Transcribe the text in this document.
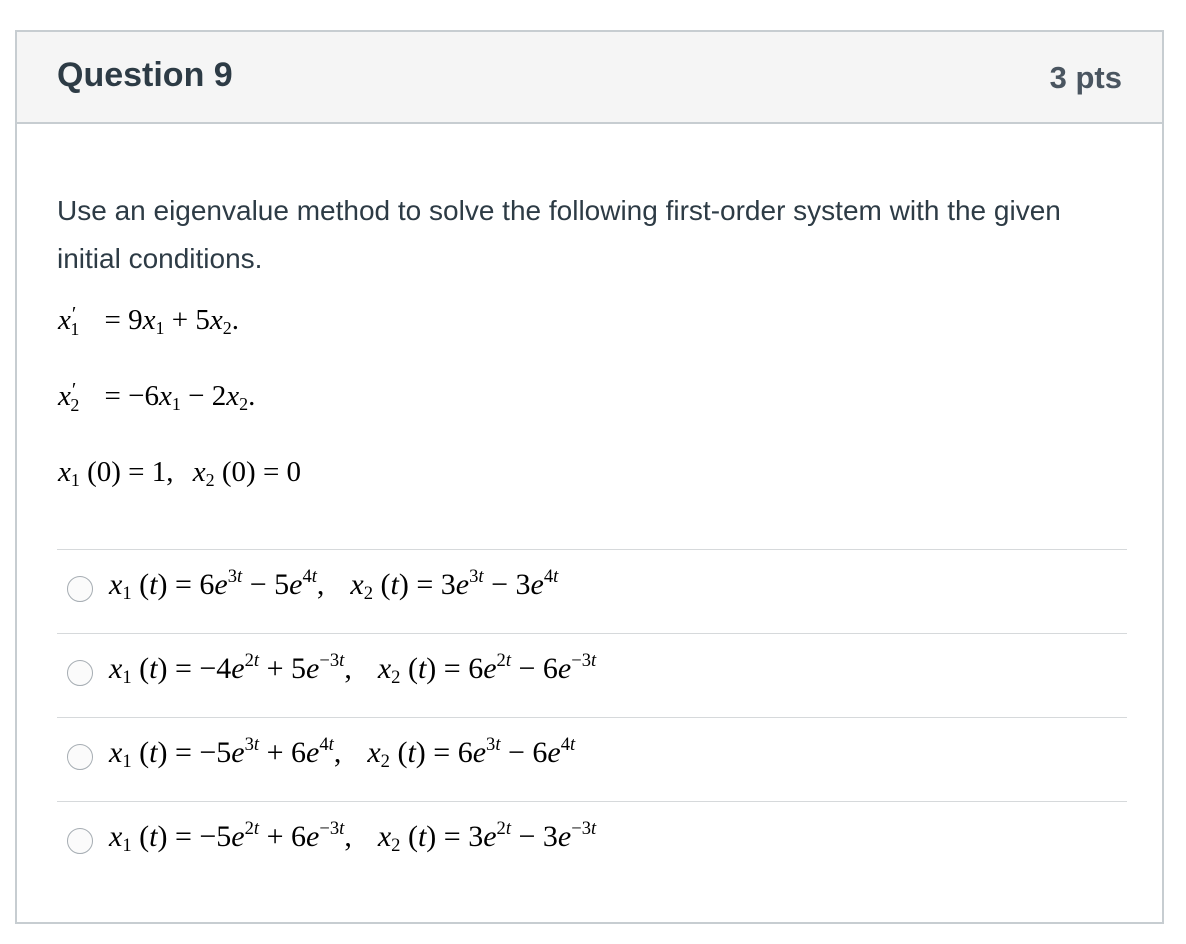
Question 9	3 pts
Use an eigenvalue method to solve the following first-order system with the given initial conditions.
$x'_1 = 9x_1 + 5x_2$.
$x'_2 = -6x_1 - 2x_2$.
$x_1$ (0) = 1, $x_2$ (0) = 0
$x_1$ $(t) = 6e^{3t} - 5e^{4t}$, $x_2$ $(t) = 3e^{3t} - 3e^{4t}$
$x_1$ $(t) = -4e^{2t} + 5e^{-3t}$, $x_2$ $(t) = 6e^{2t} - 6e^{-3t}$
$x_1$ $(t) = -5e^{3t} + 6e^{4t}$, $x_2$ $(t) = 6e^{3t} - 6e^{4t}$
$x_1$ $(t) = -5e^{2t} + 6e^{-3t}$, $x_2$ $(t) = 3e^{2t} - 3e^{-3t}$
